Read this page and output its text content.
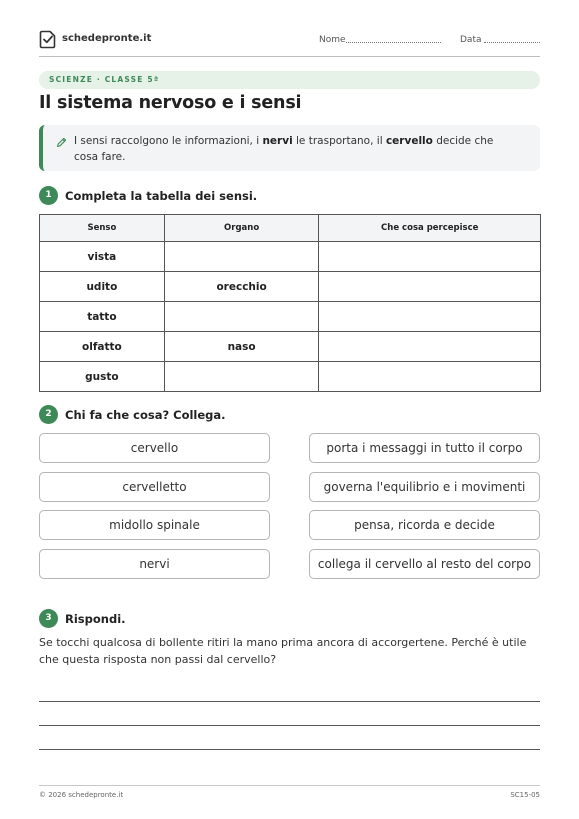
schedepronte.it	Nome	Data
SCIENZE · CLASSE 5ª
Il sistema nervoso e i sensi
I sensi raccolgono le informazioni, i nervi le trasportano, il cervello decide che cosa fare.
1	Completa la tabella dei sensi.
Senso	Organo	Che cosa percepisce
vista		
udito	orecchio	
tatto		
olfatto	naso	
gusto		
2	Chi fa che cosa? Collega.
cervello
cervelletto
midollo spinale
nervi
porta i messaggi in tutto il corpo
governa l'equilibrio e i movimenti
pensa, ricorda e decide
collega il cervello al resto del corpo
3	Rispondi.
Se tocchi qualcosa di bollente ritiri la mano prima ancora di accorgertene. Perché è utile che questa risposta non passi dal cervello?
© 2026 schedepronte.it	SC15-05
